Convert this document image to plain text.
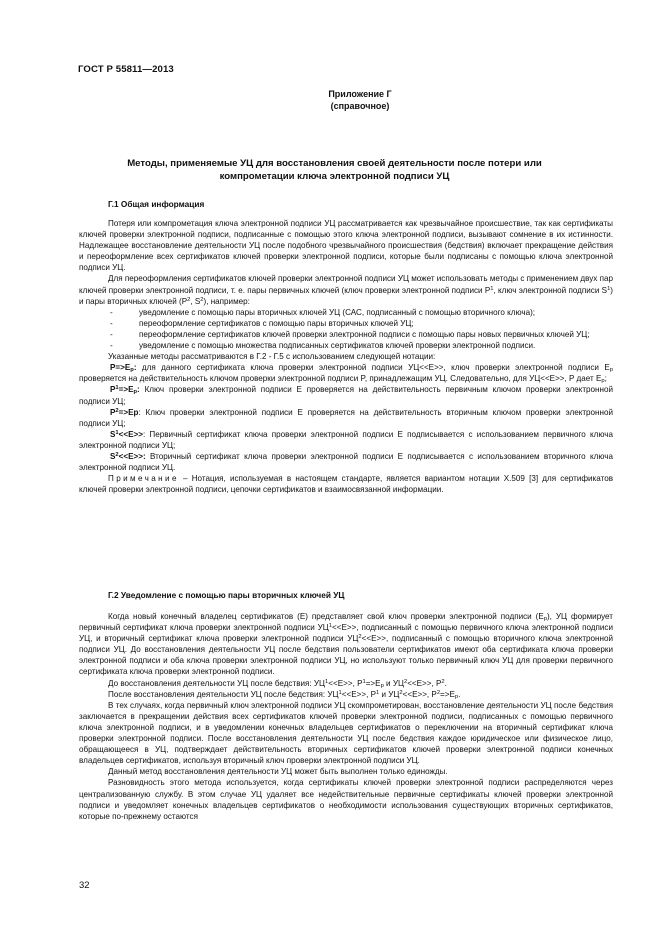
ГОСТ Р 55811—2013
Приложение Г
(справочное)
Методы, применяемые УЦ для восстановления своей деятельности после потери или
компрометации ключа электронной подписи УЦ
Г.1 Общая информация

Потеря или компрометация ключа электронной подписи УЦ рассматривается как чрезвычайное происшествие, так как сертификаты ключей проверки электронной подписи, подписанные с помощью этого ключа электронной подписи, вызывают сомнение в их истинности. Надлежащее восстановление деятельности УЦ после подобного чрезвычайного происшествия (бедствия) включает прекращение действия и переоформление всех сертификатов ключей проверки электронной подписи, которые были подписаны с помощью ключа электронной подписи УЦ.

Для переоформления сертификатов ключей проверки электронной подписи УЦ может использовать методы с применением двух пар ключей проверки электронной подписи, т. е. пары первичных ключей (ключ проверки электронной подписи $P^1$, ключ электронной подписи $S^1$) и пары вторичных ключей ($P^2$, $S^2$), например:

-	уведомление с помощью пары вторичных ключей УЦ (САС, подписанный с помощью вторичного ключа);

-	переоформление сертификатов с помощью пары вторичных ключей УЦ;

-	переоформление сертификатов ключей проверки электронной подписи с помощью пары новых первичных ключей УЦ;

-	уведомление с помощью множества подписанных сертификатов ключей проверки электронной подписи.

Указанные методы рассматриваются в Г.2 - Г.5 с использованием следующей нотации:

$P=>E_p$: для данного сертификата ключа проверки электронной подписи УЦ<<E>>, ключ проверки электронной подписи $E_p$ проверяется на действительность ключом проверки электронной подписи P, принадлежащим УЦ. Следовательно, для УЦ<<E>>, P дает $E_p$;

$P^1=>E_p$: Ключ проверки электронной подписи E проверяется на действительность первичным ключом проверки электронной подписи УЦ;

$P^2=>Ep$: Ключ проверки электронной подписи E проверяется на действительность вторичным ключом проверки электронной подписи УЦ;

$S^1<<E>>$: Первичный сертификат ключа проверки электронной подписи E подписывается с использованием первичного ключа электронной подписи УЦ;

$S^2<<E>>$: Вторичный сертификат ключа проверки электронной подписи E подписывается с использованием вторичного ключа электронной подписи УЦ.

Примечание – Нотация, используемая в настоящем стандарте, является вариантом нотации X.509 [3] для сертификатов ключей проверки электронной подписи, цепочки сертификатов и взаимосвязанной информации.

Г.2 Уведомление с помощью пары вторичных ключей УЦ

Когда новый конечный владелец сертификатов (E) представляет свой ключ проверки электронной подписи $(E_p)$, УЦ формирует первичный сертификат ключа проверки электронной подписи $УЦ^1<<E>>$, подписанный с помощью первичного ключа электронной подписи УЦ, и вторичный сертификат ключа проверки электронной подписи $УЦ^2<<E>>$, подписанный с помощью вторичного ключа электронной подписи УЦ. До восстановления деятельности УЦ после бедствия пользователи сертификатов имеют оба сертификата ключа проверки электронной подписи и оба ключа проверки электронной подписи УЦ, но используют только первичный ключ УЦ для проверки первичного сертификата ключа проверки электронной подписи.

До восстановления деятельности УЦ после бедствия: $УЦ^1<<E>>$, $P^1=>E_p$ и $УЦ^2<<E>>$, $P^2$.

После восстановления деятельности УЦ после бедствия: $УЦ^1<<E>>$, $P^1$ и $УЦ^2<<E>>$, $P^2=>E_p$.

В тех случаях, когда первичный ключ электронной подписи УЦ скомпрометирован, восстановление деятельности УЦ после бедствия заключается в прекращении действия всех сертификатов ключей проверки электронной подписи, подписанных с помощью первичного ключа электронной подписи, и в уведомлении конечных владельцев сертификатов о переключении на вторичный сертификат ключа проверки электронной подписи. После восстановления деятельности УЦ после бедствия каждое юридическое или физическое лицо, обращающееся в УЦ, подтверждает действительность вторичных сертификатов ключей проверки электронной подписи конечных владельцев сертификатов, используя вторичный ключ проверки электронной подписи УЦ.

Данный метод восстановления деятельности УЦ может быть выполнен только единожды.

Разновидность этого метода используется, когда сертификаты ключей проверки электронной подписи распределяются через централизованную службу. В этом случае УЦ удаляет все недействительные первичные сертификаты ключей проверки электронной подписи и уведомляет конечных владельцев сертификатов о необходимости использования существующих вторичных сертификатов, которые по-прежнему остаются

32
